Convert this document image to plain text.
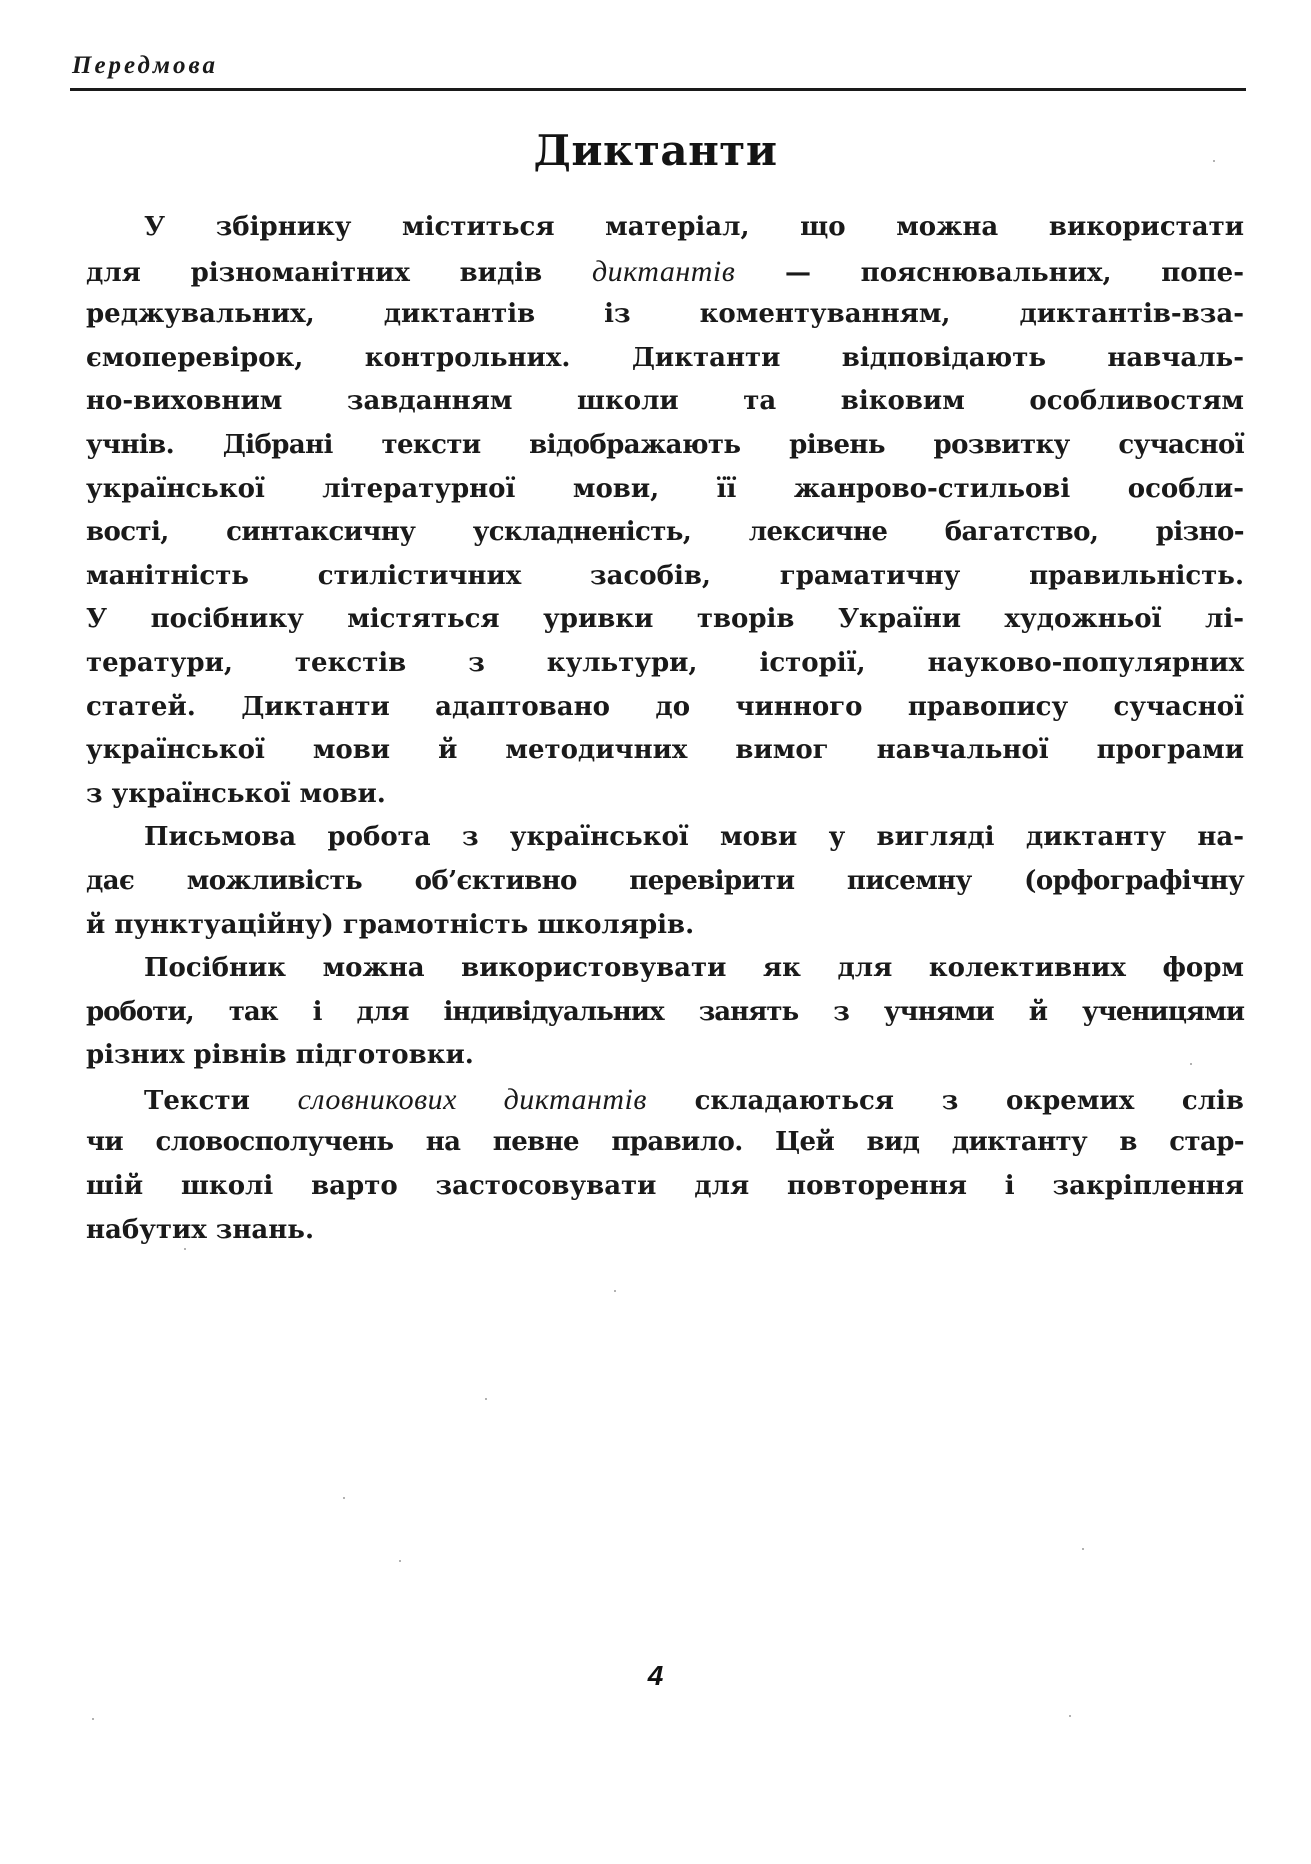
Передмова
Диктанти
У збірнику міститься матеріал, що можна використати
для різноманітних видів диктантів — пояснювальних, попе-
реджувальних, диктантів із коментуванням, диктантів-вза-
ємоперевірок, контрольних. Диктанти відповідають навчаль-
но-виховним завданням школи та віковим особливостям
учнів. Дібрані тексти відображають рівень розвитку сучасної
української літературної мови, її жанрово-стильові особли-
вості, синтаксичну ускладненість, лексичне багатство, різно-
манітність стилістичних засобів, граматичну правильність.
У посібнику містяться уривки творів України художньої лі-
тератури, текстів з культури, історії, науково-популярних
статей. Диктанти адаптовано до чинного правопису сучасної
української мови й методичних вимог навчальної програми
з української мови.
Письмова робота з української мови у вигляді диктанту на-
дає можливість об’єктивно перевірити писемну (орфографічну
й пунктуаційну) грамотність школярів.
Посібник можна використовувати як для колективних форм
роботи, так і для індивідуальних занять з учнями й ученицями
різних рівнів підготовки.
Тексти словникових диктантів складаються з окремих слів
чи словосполучень на певне правило. Цей вид диктанту в стар-
шій школі варто застосовувати для повторення і закріплення
набутих знань.
4
